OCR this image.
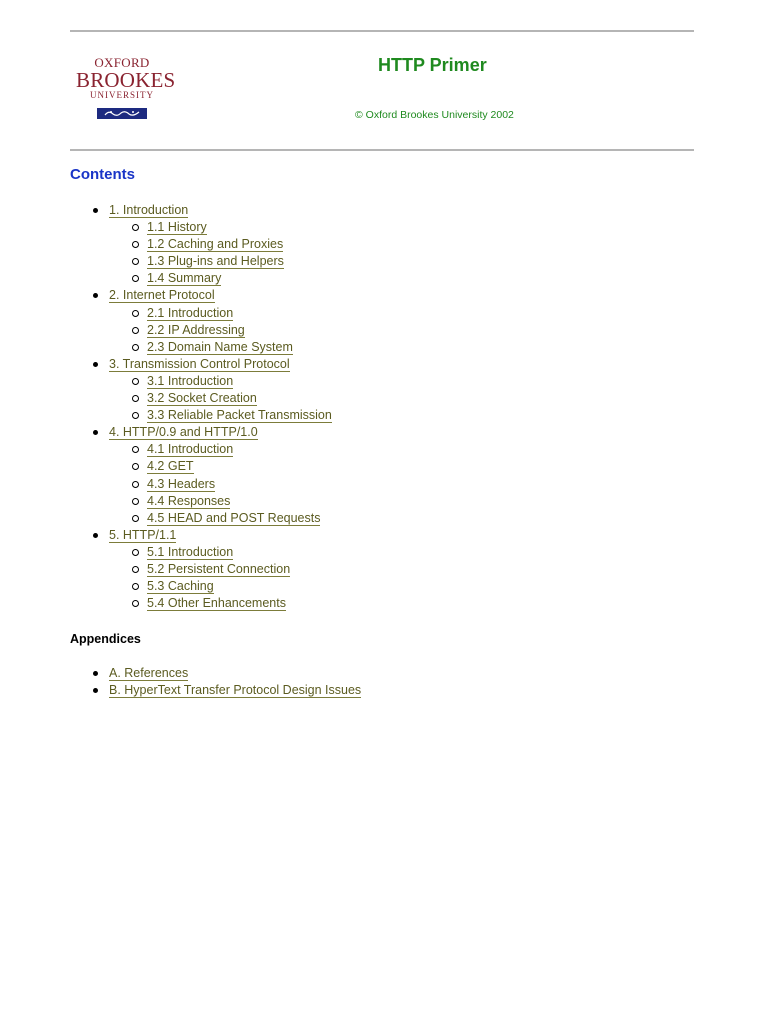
OXFORD
BROOKES
UNIVERSITY
HTTP Primer
© Oxford Brookes University 2002
Contents
1. Introduction
1.1 History
1.2 Caching and Proxies
1.3 Plug-ins and Helpers
1.4 Summary
2. Internet Protocol
2.1 Introduction
2.2 IP Addressing
2.3 Domain Name System
3. Transmission Control Protocol
3.1 Introduction
3.2 Socket Creation
3.3 Reliable Packet Transmission
4. HTTP/0.9 and HTTP/1.0
4.1 Introduction
4.2 GET
4.3 Headers
4.4 Responses
4.5 HEAD and POST Requests
5. HTTP/1.1
5.1 Introduction
5.2 Persistent Connection
5.3 Caching
5.4 Other Enhancements
Appendices
A. References
B. HyperText Transfer Protocol Design Issues
